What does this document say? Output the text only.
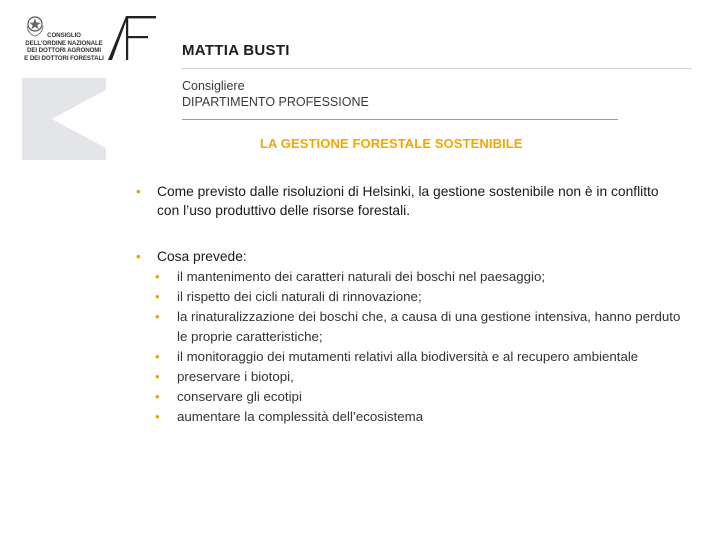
CONSIGLIO
DELL'ORDINE NAZIONALE
DEI DOTTORI AGRONOMI
E DEI DOTTORI FORESTALI	MATTIA BUSTI
Consigliere
DIPARTIMENTO PROFESSIONE
LA GESTIONE FORESTALE SOSTENIBILE
• Come previsto dalle risoluzioni di Helsinki, la gestione sostenibile non è in conflitto con l’uso produttivo delle risorse forestali.
• Cosa prevede:
• il mantenimento dei caratteri naturali dei boschi nel paesaggio;
• il rispetto dei cicli naturali di rinnovazione;
• la rinaturalizzazione dei boschi che, a causa di una gestione intensiva, hanno perduto le proprie caratteristiche;
• il monitoraggio dei mutamenti relativi alla biodiversità e al recupero ambientale
• preservare i biotopi,
• conservare gli ecotipi
• aumentare la complessità dell’ecosistema
